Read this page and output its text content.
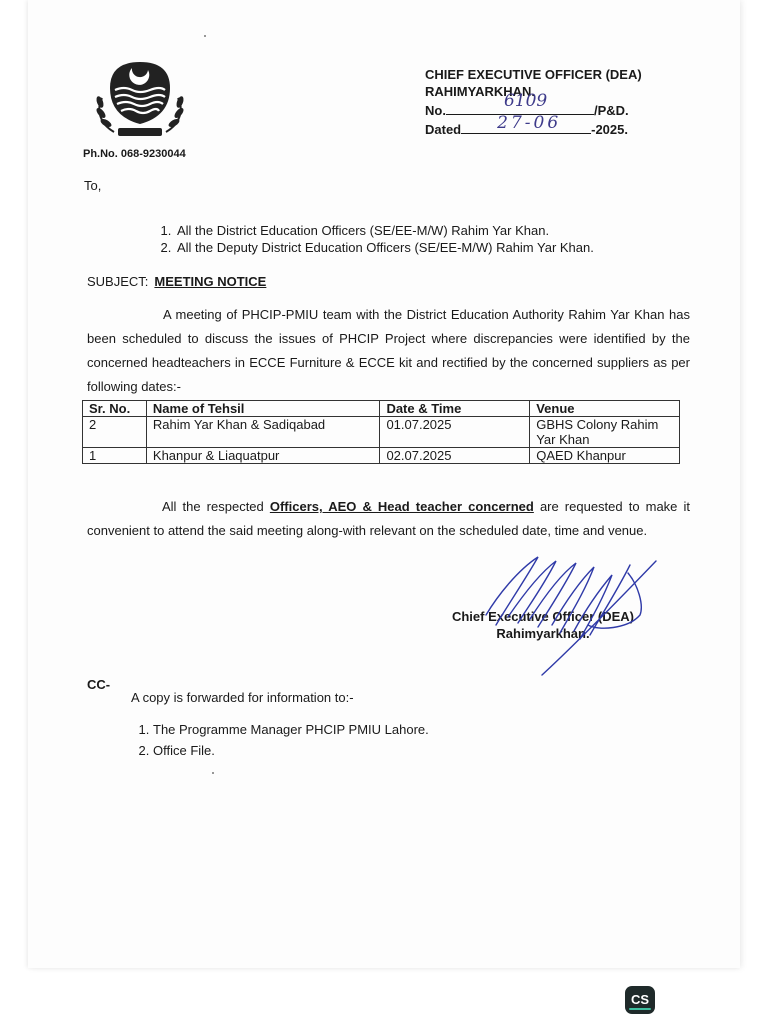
Ph.No. 068-9230044
CHIEF EXECUTIVE OFFICER (DEA)
RAHIMYARKHAN.
No.	6109	/P&D.
Dated 27-06 -2025.
To,
1. All the District Education Officers (SE/EE-M/W) Rahim Yar Khan.
2. All the Deputy District Education Officers (SE/EE-M/W) Rahim Yar Khan.
SUBJECT: MEETING NOTICE
A meeting of PHCIP-PMIU team with the District Education Authority Rahim Yar Khan has been scheduled to discuss the issues of PHCIP Project where discrepancies were identified by the concerned headteachers in ECCE Furniture & ECCE kit and rectified by the concerned suppliers as per following dates:-
Sr. No.	Name of Tehsil	Date & Time	Venue
2	Rahim Yar Khan & Sadiqabad	01.07.2025	GBHS Colony Rahim Yar Khan
1	Khanpur & Liaquatpur	02.07.2025	QAED Khanpur
All the respected Officers, AEO & Head teacher concerned are requested to make it convenient to attend the said meeting along-with relevant on the scheduled date, time and venue.
Chief Executive Officer (DEA)
Rahimyarkhan.
CC-
A copy is forwarded for information to:-
1. The Programme Manager PHCIP PMIU Lahore.
2. Office File.
CS
